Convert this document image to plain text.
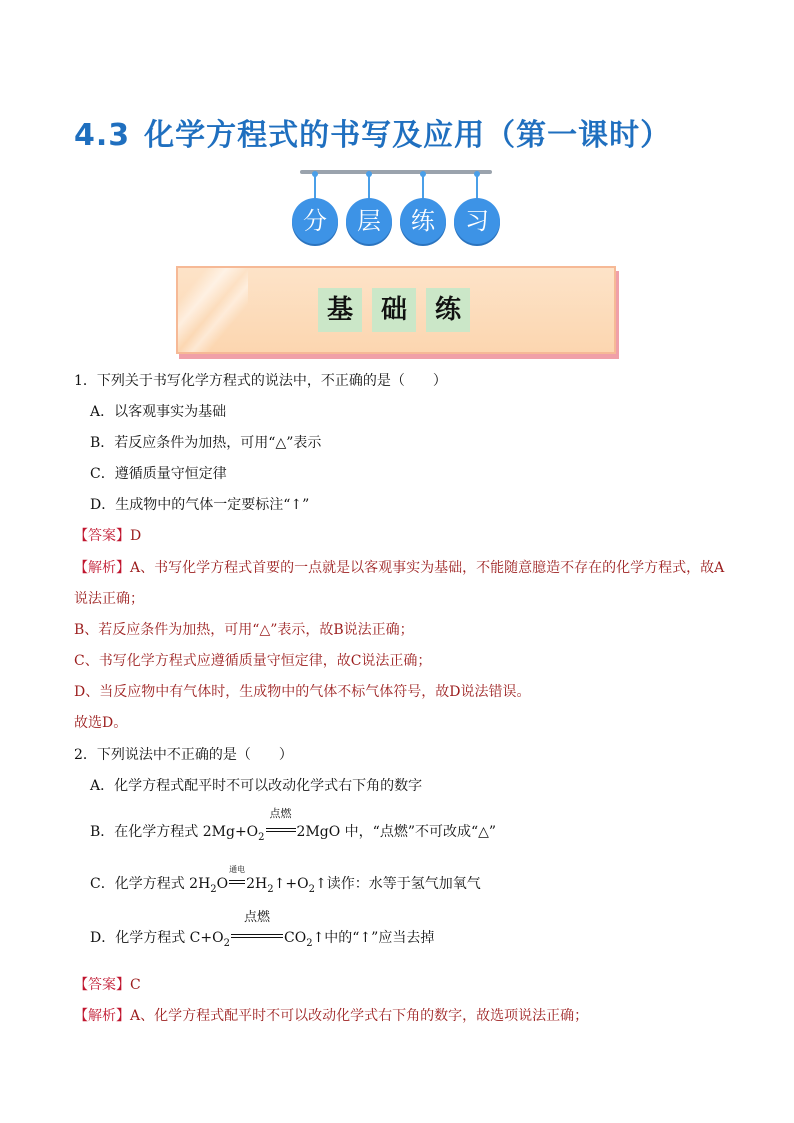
4.3 化学方程式的书写及应用（第一课时）
分	层	练	习
基	础	练
1．下列关于书写化学方程式的说法中，不正确的是（　　）
A．以客观事实为基础
B．若反应条件为加热，可用“△”表示
C．遵循质量守恒定律
D．生成物中的气体一定要标注“↑”
【答案】D
【解析】A、书写化学方程式首要的一点就是以客观事实为基础，不能随意臆造不存在的化学方程式，故A
说法正确；
B、若反应条件为加热，可用“△”表示，故B说法正确；
C、书写化学方程式应遵循质量守恒定律，故C说法正确；
D、当反应物中有气体时，生成物中的气体不标气体符号，故D说法错误。
故选D。
2．下列说法中不正确的是（　　）
A．化学方程式配平时不可以改动化学式右下角的数字
B．在化学方程式 $2Mg+O_2$
点燃
2MgO 中，“点燃”不可改成“△”
C．化学方程式 $2H_2O$
通电
$2H_2↑+O_2↑$读作：水等于氢气加氧气
D．化学方程式 $C+O_2$
点燃
$CO_2↑$中的“↑”应当去掉
【答案】C
【解析】A、化学方程式配平时不可以改动化学式右下角的数字，故选项说法正确；
